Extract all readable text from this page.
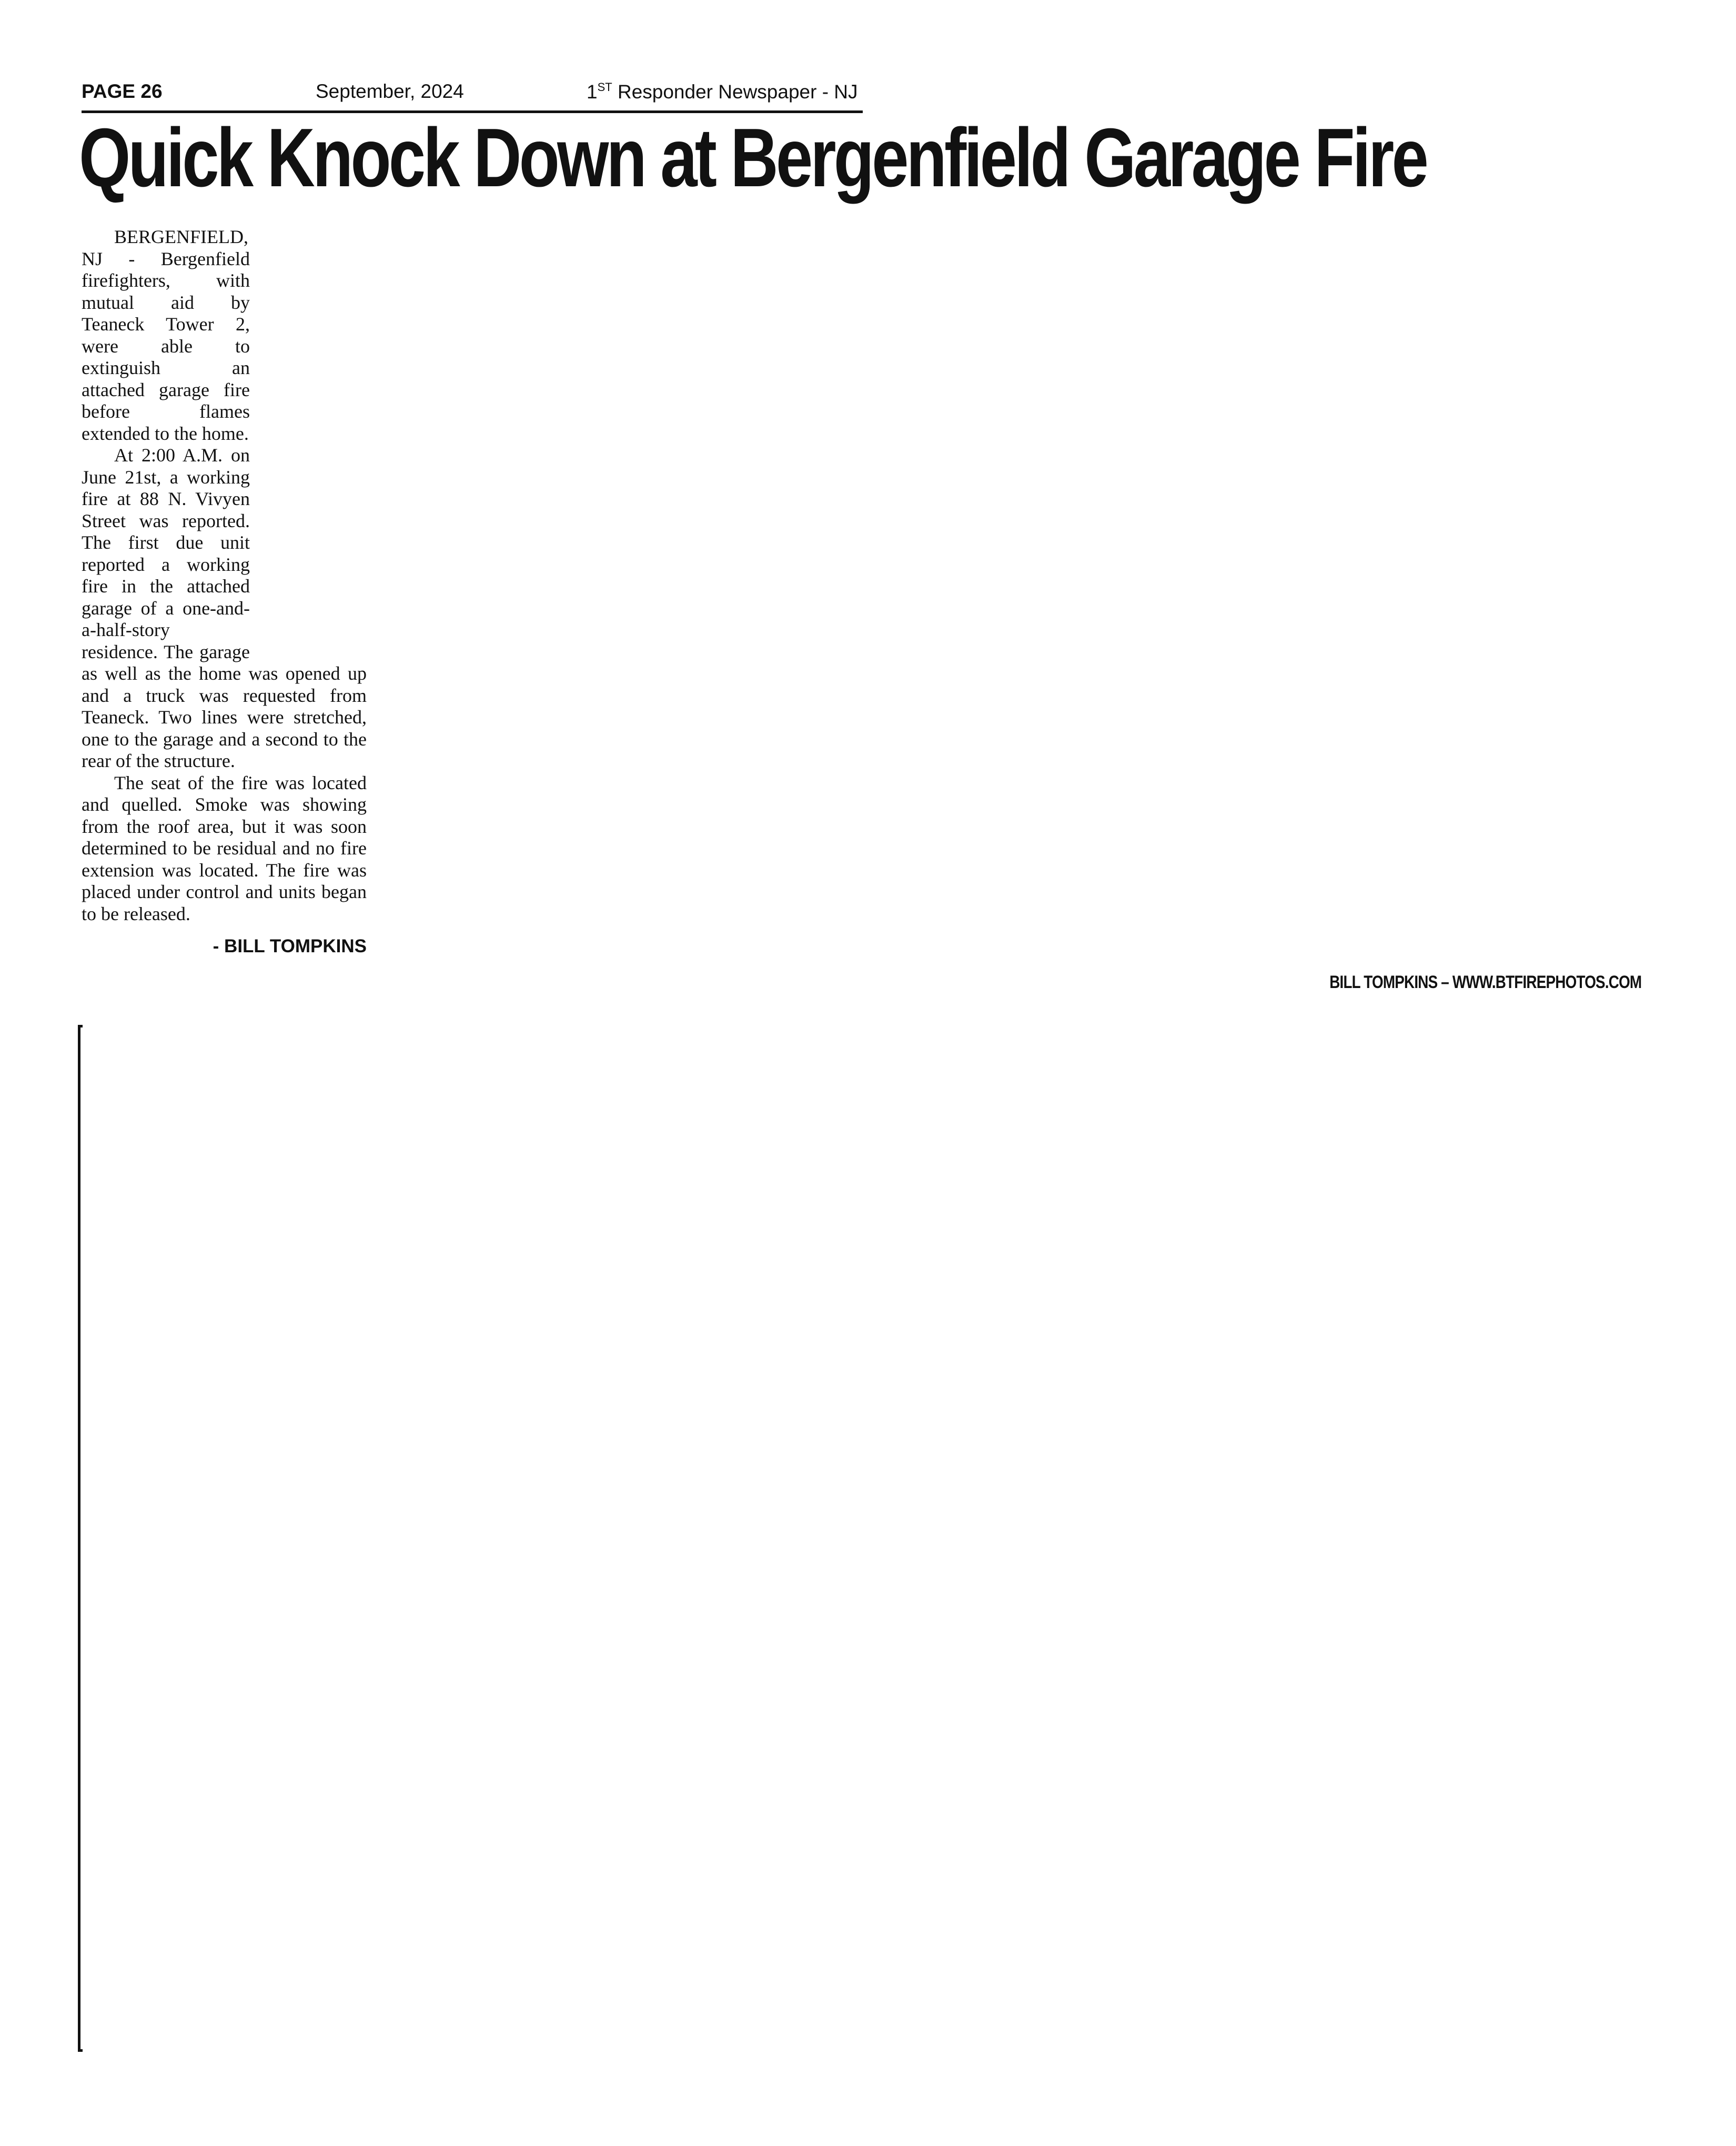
PAGE 26	September, 2024	1ST Responder Newspaper - NJ
Quick Knock Down at Bergenfield Garage Fire

BERGENFIELD, NJ - Bergenfield firefighters, with mutual aid by Teaneck Tower 2, were able to extinguish an attached garage fire before flames extended to the home.

At 2:00 A.M. on June 21st, a working fire at 88 N. Vivyen Street was reported. The first due unit reported a working fire in the attached garage of a one-and-a-half-story residence. The garage as well as the home was opened up and a truck was requested from Teaneck. Two lines were stretched, one to the garage and a second to the rear of the structure.

The seat of the fire was located and quelled. Smoke was showing from the roof area, but it was soon determined to be residual and no fire extension was located. The fire was placed under control and units began to be released.

- BILL TOMPKINS
BILL TOMPKINS – WWW.BTFIREPHOTOS.COM
